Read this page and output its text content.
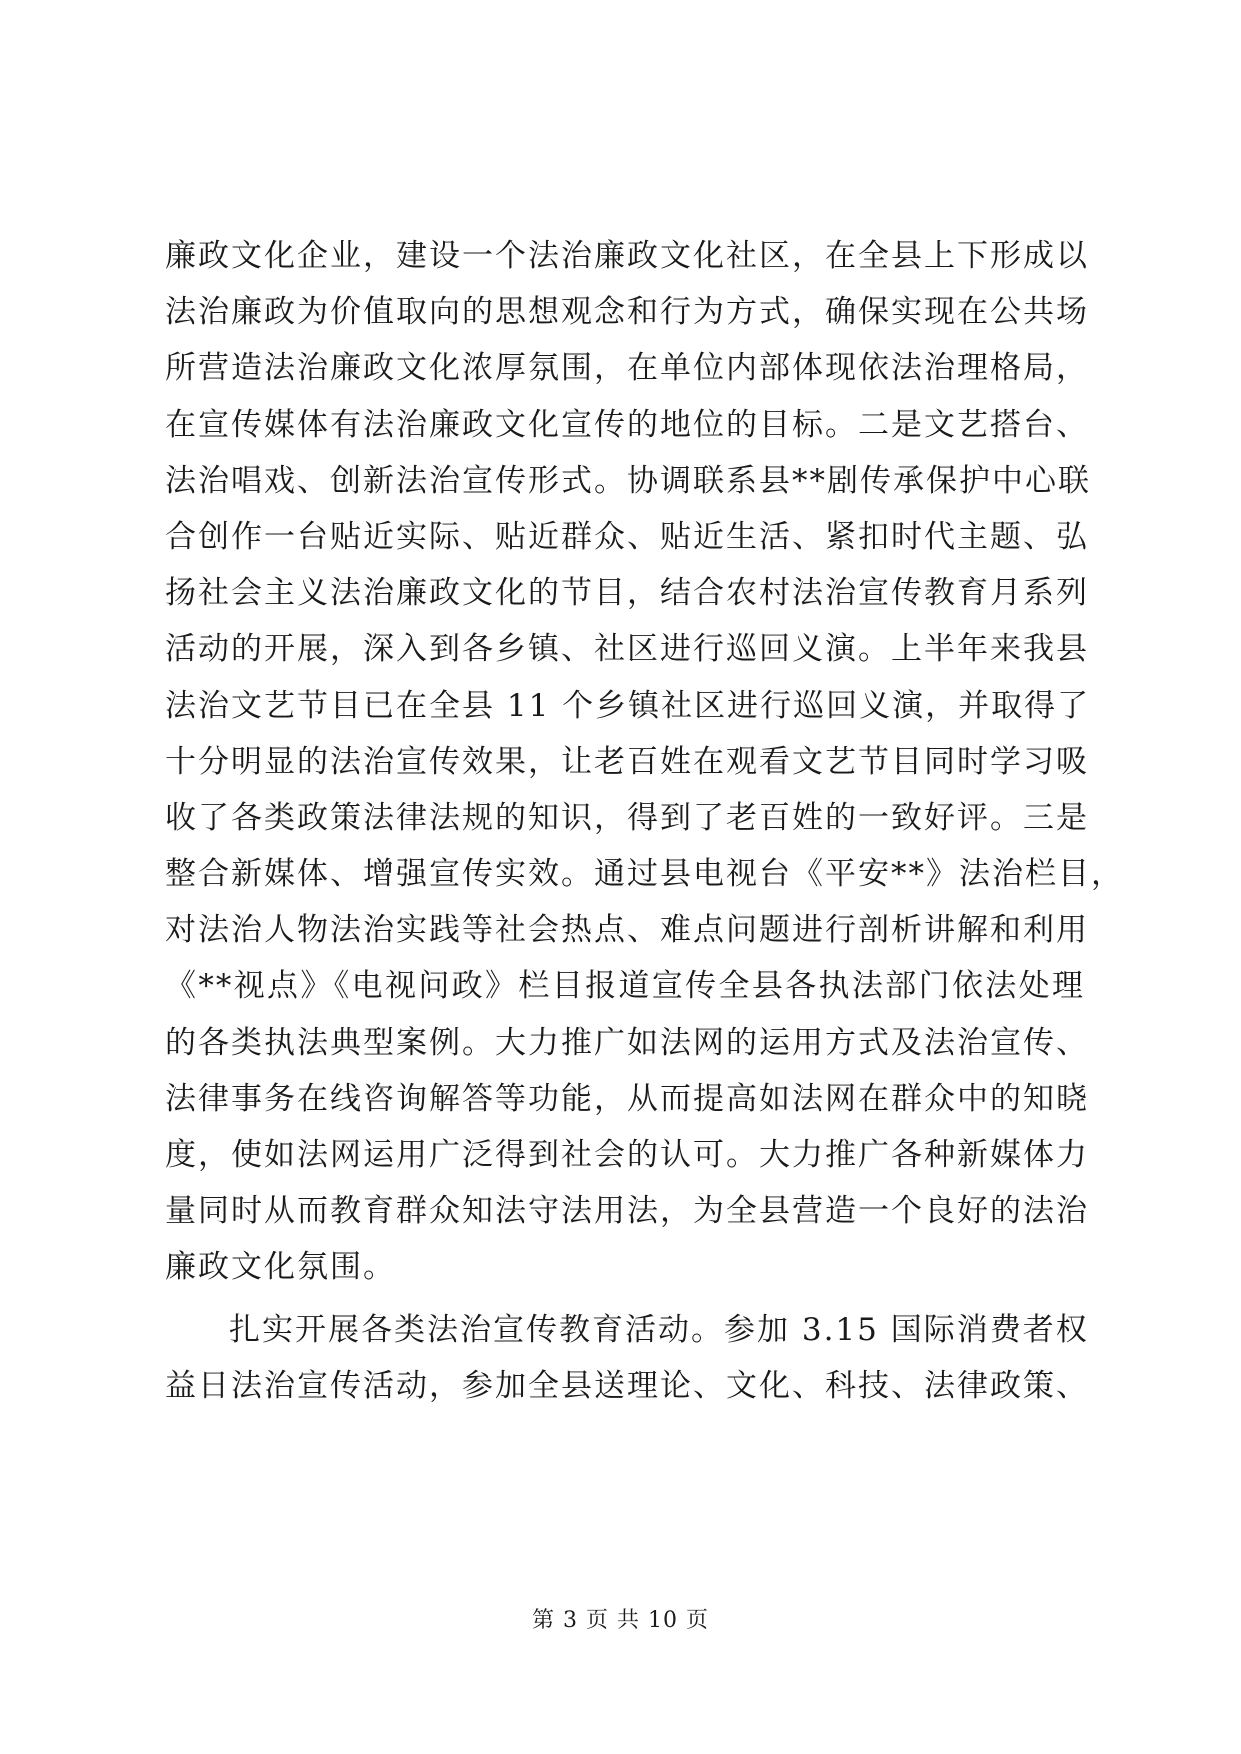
廉政文化企业，建设一个法治廉政文化社区，在全县上下形成以
法治廉政为价值取向的思想观念和行为方式，确保实现在公共场
所营造法治廉政文化浓厚氛围，在单位内部体现依法治理格局，
在宣传媒体有法治廉政文化宣传的地位的目标。二是文艺搭台、
法治唱戏、创新法治宣传形式。协调联系县**剧传承保护中心联
合创作一台贴近实际、贴近群众、贴近生活、紧扣时代主题、弘
扬社会主义法治廉政文化的节目，结合农村法治宣传教育月系列
活动的开展，深入到各乡镇、社区进行巡回义演。上半年来我县
法治文艺节目已在全县 11 个乡镇社区进行巡回义演，并取得了
十分明显的法治宣传效果，让老百姓在观看文艺节目同时学习吸
收了各类政策法律法规的知识，得到了老百姓的一致好评。三是
整合新媒体、增强宣传实效。通过县电视台《平安**》法治栏目，
对法治人物法治实践等社会热点、难点问题进行剖析讲解和利用
《**视点》《电视问政》栏目报道宣传全县各执法部门依法处理
的各类执法典型案例。大力推广如法网的运用方式及法治宣传、
法律事务在线咨询解答等功能，从而提高如法网在群众中的知晓
度，使如法网运用广泛得到社会的认可。大力推广各种新媒体力
量同时从而教育群众知法守法用法，为全县营造一个良好的法治
廉政文化氛围。
扎实开展各类法治宣传教育活动。参加 3.15 国际消费者权
益日法治宣传活动，参加全县送理论、文化、科技、法律政策、
第 3 页 共 10 页
